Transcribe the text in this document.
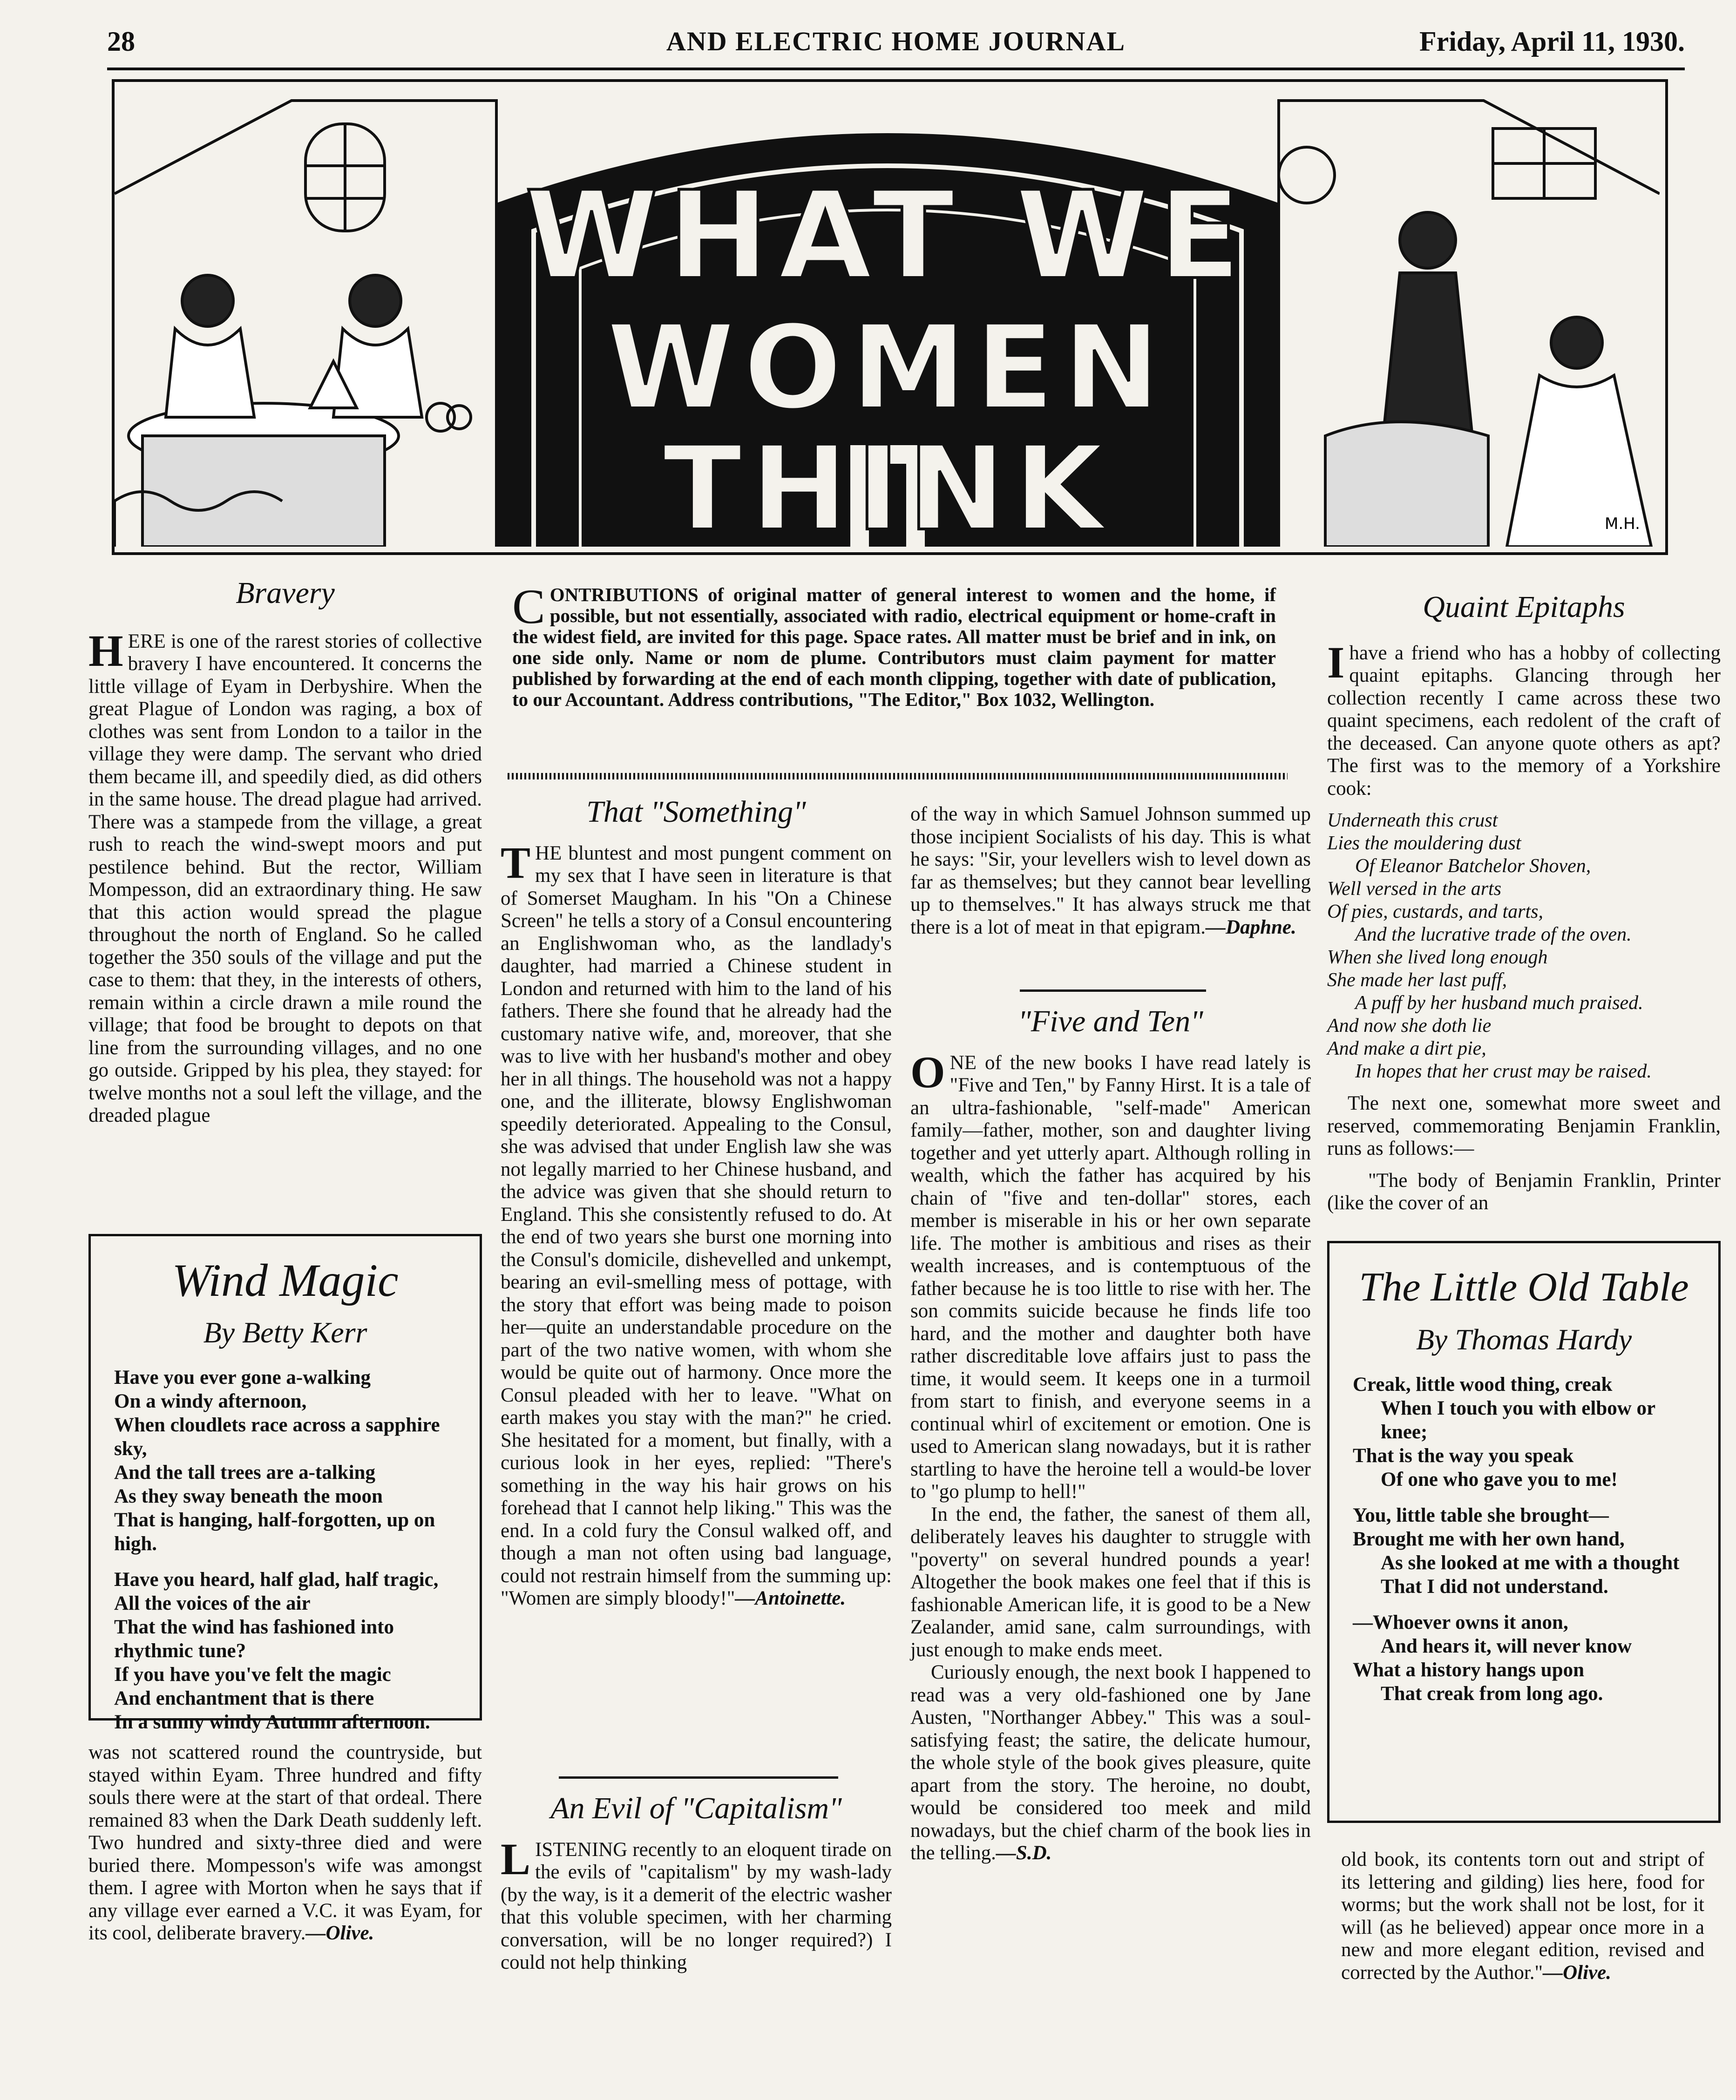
28	AND ELECTRIC HOME JOURNAL	Friday, April 11, 1930.
WHAT WE
WOMEN
THINK	M.H.
Bravery

HERE is one of the rarest stories of collective bravery I have encountered. It concerns the little village of Eyam in Derbyshire. When the great Plague of London was raging, a box of clothes was sent from London to a tailor in the village they were damp. The servant who dried them became ill, and speedily died, as did others in the same house. The dread plague had arrived. There was a stampede from the village, a great rush to reach the wind-swept moors and put pestilence behind. But the rector, William Mompesson, did an extraordinary thing. He saw that this action would spread the plague throughout the north of England. So he called together the 350 souls of the village and put the case to them: that they, in the interests of others, remain within a circle drawn a mile round the village; that food be brought to depots on that line from the surrounding villages, and no one go outside. Gripped by his plea, they stayed: for twelve months not a soul left the village, and the dreaded plague

Wind Magic
By Betty Kerr
Have you ever gone a-walking
On a windy afternoon,
When cloudlets race across a sapphire sky,
And the tall trees are a-talking
As they sway beneath the moon
That is hanging, half-forgotten, up on high.
Have you heard, half glad, half tragic,
All the voices of the air
That the wind has fashioned into rhythmic tune?
If you have you've felt the magic
And enchantment that is there
In a sunny windy Autumn afternoon.

was not scattered round the countryside, but stayed within Eyam. Three hundred and fifty souls there were at the start of that ordeal. There remained 83 when the Dark Death suddenly left. Two hundred and sixty-three died and were buried there. Mompesson's wife was amongst them. I agree with Morton when he says that if any village ever earned a V.C. it was Eyam, for its cool, deliberate bravery.—Olive.

CONTRIBUTIONS of original matter of general interest to women and the home, if possible, but not essentially, associated with radio, electrical equipment or home-craft in the widest field, are invited for this page. Space rates. All matter must be brief and in ink, on one side only. Name or nom de plume. Contributors must claim payment for matter published by forwarding at the end of each month clipping, together with date of publication, to our Accountant. Address contributions, "The Editor," Box 1032, Wellington.
That "Something"

THE bluntest and most pungent comment on my sex that I have seen in literature is that of Somerset Maugham. In his "On a Chinese Screen" he tells a story of a Consul encountering an Englishwoman who, as the landlady's daughter, had married a Chinese student in London and returned with him to the land of his fathers. There she found that he already had the customary native wife, and, moreover, that she was to live with her husband's mother and obey her in all things. The household was not a happy one, and the illiterate, blowsy Englishwoman speedily deteriorated. Appealing to the Consul, she was advised that under English law she was not legally married to her Chinese husband, and the advice was given that she should return to England. This she consistently refused to do. At the end of two years she burst one morning into the Consul's domicile, dishevelled and unkempt, bearing an evil-smelling mess of pottage, with the story that effort was being made to poison her—quite an understandable procedure on the part of the two native women, with whom she would be quite out of harmony. Once more the Consul pleaded with her to leave. "What on earth makes you stay with the man?" he cried. She hesitated for a moment, but finally, with a curious look in her eyes, replied: "There's something in the way his hair grows on his forehead that I cannot help liking." This was the end. In a cold fury the Consul walked off, and though a man not often using bad language, could not restrain himself from the summing up: "Women are simply bloody!"—Antoinette.

An Evil of "Capitalism"

LISTENING recently to an eloquent tirade on the evils of "capitalism" by my wash-lady (by the way, is it a demerit of the electric washer that this voluble specimen, with her charming conversation, will be no longer required?) I could not help thinking

of the way in which Samuel Johnson summed up those incipient Socialists of his day. This is what he says: "Sir, your levellers wish to level down as far as themselves; but they cannot bear levelling up to themselves." It has always struck me that there is a lot of meat in that epigram.—Daphne.

"Five and Ten"

ONE of the new books I have read lately is "Five and Ten," by Fanny Hirst. It is a tale of an ultra-fashionable, "self-made" American family—father, mother, son and daughter living together and yet utterly apart. Although rolling in wealth, which the father has acquired by his chain of "five and ten-dollar" stores, each member is miserable in his or her own separate life. The mother is ambitious and rises as their wealth increases, and is contemptuous of the father because he is too little to rise with her. The son commits suicide because he finds life too hard, and the mother and daughter both have rather discreditable love affairs just to pass the time, it would seem. It keeps one in a turmoil from start to finish, and everyone seems in a continual whirl of excitement or emotion. One is used to American slang nowadays, but it is rather startling to have the heroine tell a would-be lover to "go plump to hell!"

In the end, the father, the sanest of them all, deliberately leaves his daughter to struggle with "poverty" on several hundred pounds a year! Altogether the book makes one feel that if this is fashionable American life, it is good to be a New Zealander, amid sane, calm surroundings, with just enough to make ends meet.

Curiously enough, the next book I happened to read was a very old-fashioned one by Jane Austen, "Northanger Abbey." This was a soul-satisfying feast; the satire, the delicate humour, the whole style of the book gives pleasure, quite apart from the story. The heroine, no doubt, would be considered too meek and mild nowadays, but the chief charm of the book lies in the telling.—S.D.

Quaint Epitaphs

Ihave a friend who has a hobby of collecting quaint epitaphs. Glancing through her collection recently I came across these two quaint specimens, each redolent of the craft of the deceased. Can anyone quote others as apt? The first was to the memory of a Yorkshire cook:

Underneath this crust
Lies the mouldering dust
Of Eleanor Batchelor Shoven,
Well versed in the arts
Of pies, custards, and tarts,
And the lucrative trade of the oven.
When she lived long enough
She made her last puff,
A puff by her husband much praised.
And now she doth lie
And make a dirt pie,
In hopes that her crust may be raised.

The next one, somewhat more sweet and reserved, commemorating Benjamin Franklin, runs as follows:—

"The body of Benjamin Franklin, Printer (like the cover of an

The Little Old Table
By Thomas Hardy
Creak, little wood thing, creak
When I touch you with elbow or knee;
That is the way you speak
Of one who gave you to me!
You, little table she brought—
Brought me with her own hand,
As she looked at me with a thought
That I did not understand.
—Whoever owns it anon,
And hears it, will never know
What a history hangs upon
That creak from long ago.

old book, its contents torn out and stript of its lettering and gilding) lies here, food for worms; but the work shall not be lost, for it will (as he believed) appear once more in a new and more elegant edition, revised and corrected by the Author."—Olive.
